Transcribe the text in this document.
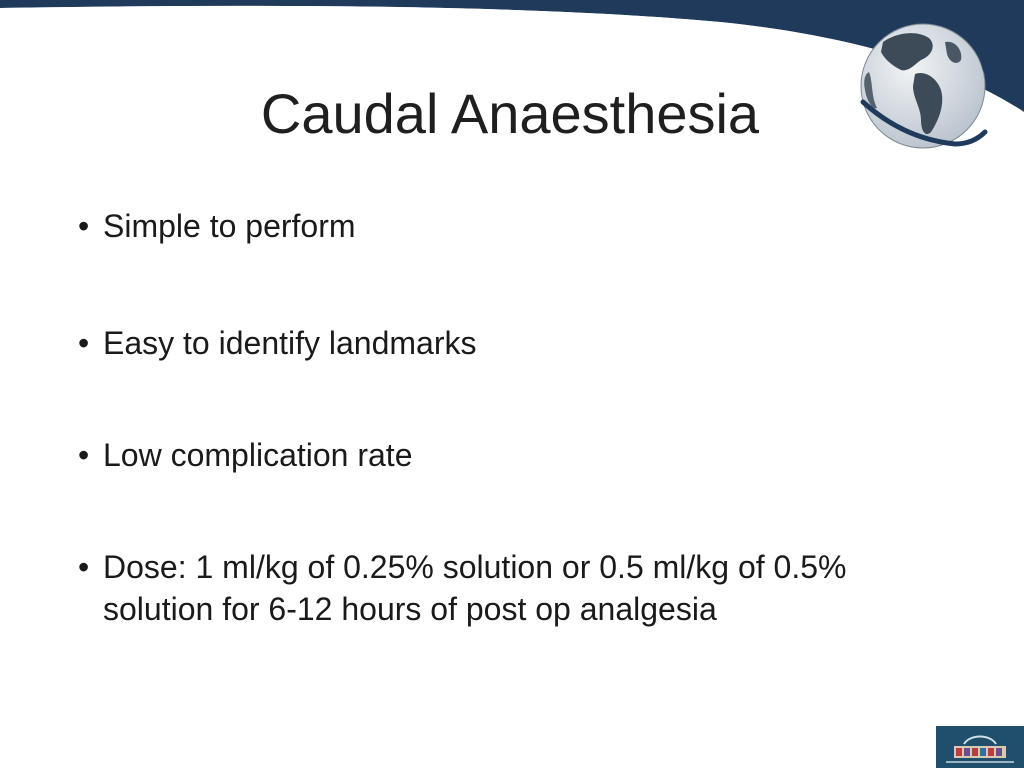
Caudal Anaesthesia
• Simple to perform
• Easy to identify landmarks
• Low complication rate
• Dose: 1 ml/kg of 0.25% solution or 0.5 ml/kg of 0.5% solution for 6-12 hours of post op analgesia
